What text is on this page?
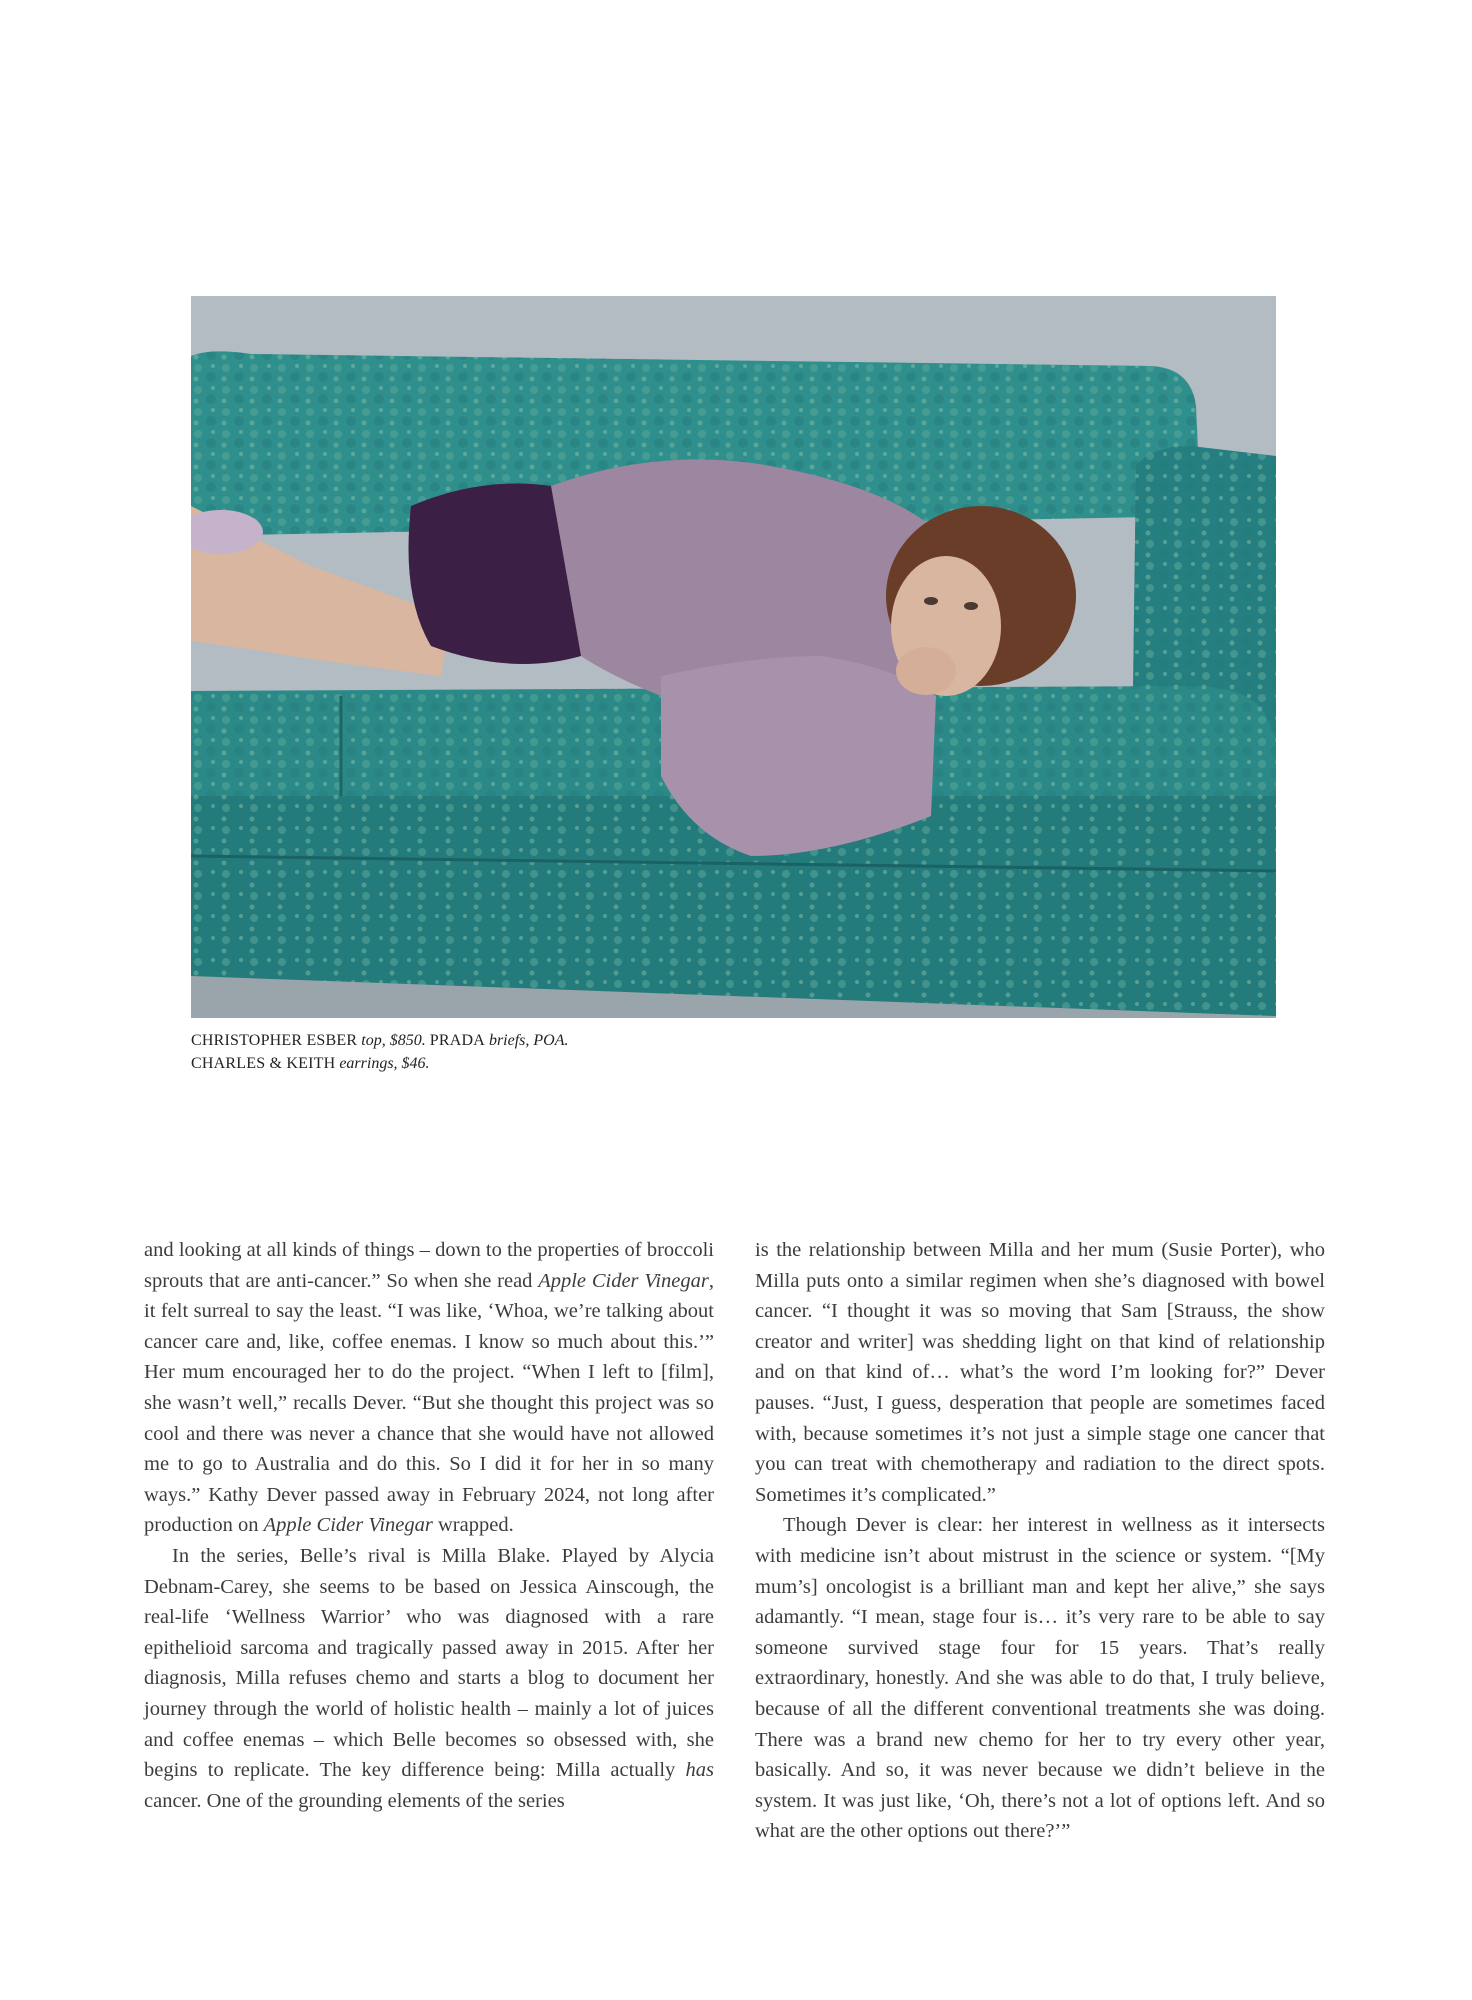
CHRISTOPHER ESBER top, $850. PRADA briefs, POA.
CHARLES & KEITH earrings, $46.

and looking at all kinds of things – down to the properties of broccoli sprouts that are anti-cancer.” So when she read Apple Cider Vinegar, it felt surreal to say the least. “I was like, ‘Whoa, we’re talking about cancer care and, like, coffee enemas. I know so much about this.’” Her mum encouraged her to do the project. “When I left to [film], she wasn’t well,” recalls Dever. “But she thought this project was so cool and there was never a chance that she would have not allowed me to go to Australia and do this. So I did it for her in so many ways.” Kathy Dever passed away in February 2024, not long after production on Apple Cider Vinegar wrapped.

In the series, Belle’s rival is Milla Blake. Played by Alycia Debnam-Carey, she seems to be based on Jessica Ainscough, the real-life ‘Wellness Warrior’ who was diagnosed with a rare epithelioid sarcoma and tragically passed away in 2015. After her diagnosis, Milla refuses chemo and starts a blog to document her journey through the world of holistic health – mainly a lot of juices and coffee enemas – which Belle becomes so obsessed with, she begins to replicate. The key difference being: Milla actually has cancer. One of the grounding elements of the series

is the relationship between Milla and her mum (Susie Porter), who Milla puts onto a similar regimen when she’s diagnosed with bowel cancer. “I thought it was so moving that Sam [Strauss, the show creator and writer] was shedding light on that kind of relationship and on that kind of… what’s the word I’m looking for?” Dever pauses. “Just, I guess, desperation that people are sometimes faced with, because sometimes it’s not just a simple stage one cancer that you can treat with chemotherapy and radiation to the direct spots. Sometimes it’s complicated.”

Though Dever is clear: her interest in wellness as it intersects with medicine isn’t about mistrust in the science or system. “[My mum’s] oncologist is a brilliant man and kept her alive,” she says adamantly. “I mean, stage four is… it’s very rare to be able to say someone survived stage four for 15 years. That’s really extraordinary, honestly. And she was able to do that, I truly believe, because of all the different conventional treatments she was doing. There was a brand new chemo for her to try every other year, basically. And so, it was never because we didn’t believe in the system. It was just like, ‘Oh, there’s not a lot of options left. And so what are the other options out there?’”
